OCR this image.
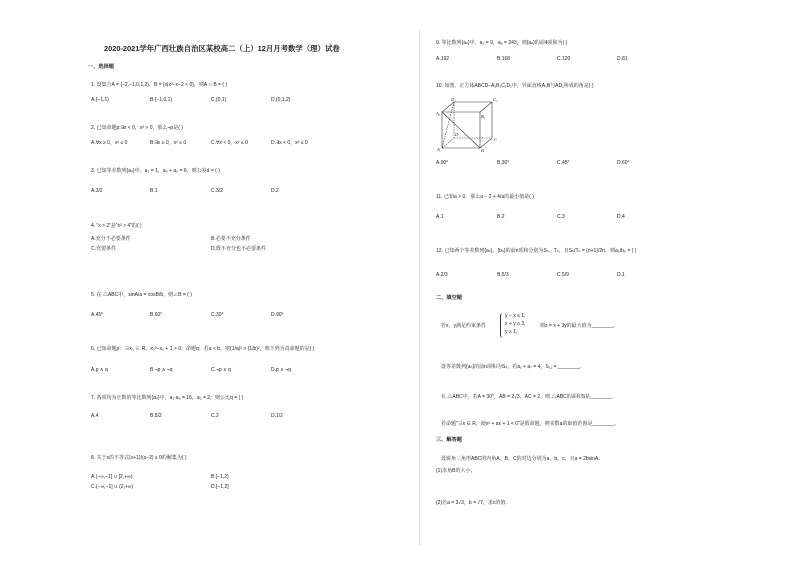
2020-2021学年广西壮族自治区某校高二（上）12月月考数学（理）试卷
一、选择题
1. 设集合A = {−2,−1,0,1,2}，B = {x|x²−x−2 < 0}，则A ∩ B = ( )
A.{−1,1}	B.{−1,0,1}	C.{0,1}	D.{0,1,2}
2. 已知命题p:∃x < 0，x² > 0，那么¬p是( )
A.∀x ≥ 0，x² ≤ 0	B.∃x ≥ 0，x² ≤ 0	C.∀x < 0，x² ≤ 0	D.∃x < 0，x² ≤ 0
3. 已知等差数列{aₙ}中，a₂ = 1，a₃ + a₅ = 6，则公差d = ( )
A.3/2	B.1	C.3/2	D.2
4. “x > 2”是“x² > 4”的( )
A.充分不必要条件	B.必要不充分条件
C.充要条件	D.既不充分也不必要条件
5. 在 △ABC中，sinA/a = cosB/b，则∠B = ( )
A.45°	B.60°	C.30°	D.90°
6. 已知命题p：∃x₀ ∈ R，x₀²−x₀ + 1 > 0；命题q：若a < b，则(1/a)² > (1/b)²，则下列为真命题的是( )
A.p ∧ q	B.¬p ∧ ¬q	C.¬p ∧ q	D.p ∧ ¬q
7. 各项均为正数的等比数列{aₙ}中，a₁·a₅ = 16，a₂ = 2，则公比q = ( )
A.4	B.5/2	C.2	D.1/2
8. 关于x的不等式(x+1)/(x−2) ≤ 0的解集为( )
A.(−∞,−1] ∪ [2,+∞)	B.[−1,2)
C.(−∞,−1] ∪ (2,+∞)	D.[−1,2]
9. 等比数列{aₙ}中，a₂ = 9，a₅ = 243，则{aₙ}的前4项和为( )
A.192	B.168	C.120	D.81
10. 如图，正方体ABCD−A₁B₁C₁D₁中，异面直线A₁B与AD₁所成的角是( )
D₁	C₁
A₁
B₁
D
C
A	B
A.90°	B.30°	C.45°	D.60°
11. 已知a > 0，那么a − 2 + 4/a的最小值是( )
A.1	B.2	C.3	D.4
12. 已知两个等差数列{aₙ}，{bₙ}的前n项和分别为Sₙ，Tₙ，且Sₙ/Tₙ = (n+1)/2n，则a₅/b₅ = ( )
A.2/3	B.5/3	C.5/9	D.1
二、填空题
若x，y满足约束条件
y − x ≤ 1,
x + y ≤ 3,
y ≥ 1,
则z = x + 3y的最大值为________.
设等差数列{aₙ}的前n项和为Sₙ，若a₁ + a₇ = 4，S₁₁ = ________.
在 △ABC中，若A = 30°，AB = 2√3，AC = 2，则 △ABC的面积S是________.
若命题“∃x ∈ R，使x² + ax + 1 < 0”是假命题，则实数a的取值范围是________.
三、解答题
设锐角三角形ABC的内角A，B，C的对边分别为a，b，c，且a = 2bsinA.
(1)求角B的大小；
(2)若a = 3√3，b = √7，求c的值.
